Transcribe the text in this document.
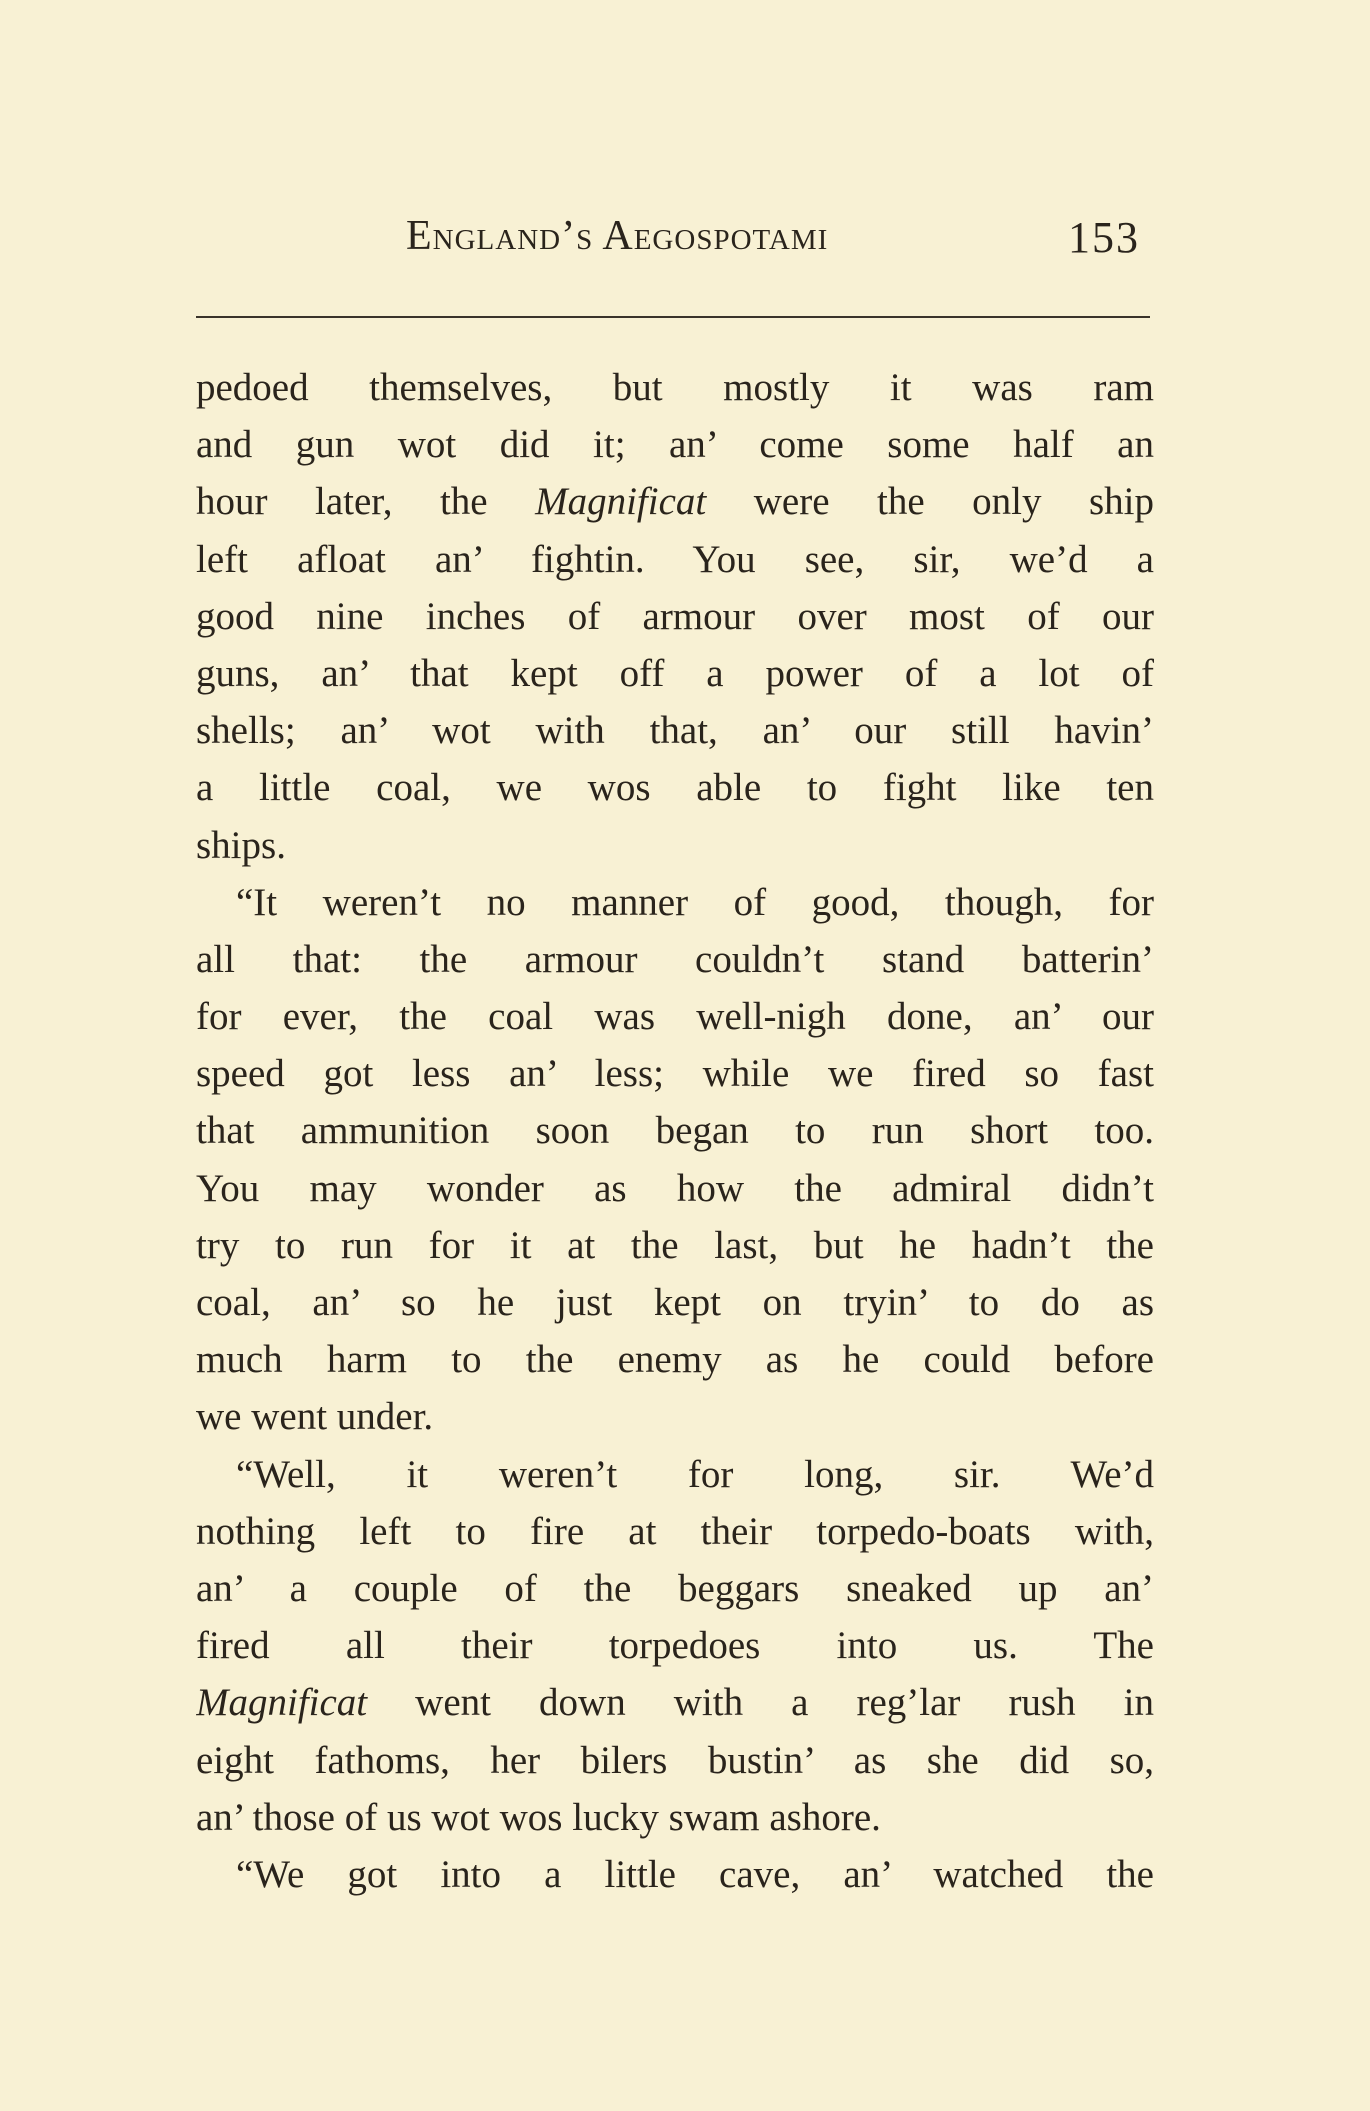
England’s Aegospotami	153
pedoed themselves, but mostly it was ram
and gun wot did it; an’ come some half an
hour later, the Magnificat were the only ship
left afloat an’ fightin. You see, sir, we’d a
good nine inches of armour over most of our
guns, an’ that kept off a power of a lot of
shells; an’ wot with that, an’ our still havin’
a little coal, we wos able to fight like ten
ships.
“It weren’t no manner of good, though, for
all that: the armour couldn’t stand batterin’
for ever, the coal was well-nigh done, an’ our
speed got less an’ less; while we fired so fast
that ammunition soon began to run short too.
You may wonder as how the admiral didn’t
try to run for it at the last, but he hadn’t the
coal, an’ so he just kept on tryin’ to do as
much harm to the enemy as he could before
we went under.
“Well, it weren’t for long, sir. We’d
nothing left to fire at their torpedo-boats with,
an’ a couple of the beggars sneaked up an’
fired all their torpedoes into us. The
Magnificat went down with a reg’lar rush in
eight fathoms, her bilers bustin’ as she did so,
an’ those of us wot wos lucky swam ashore.
“We got into a little cave, an’ watched the
